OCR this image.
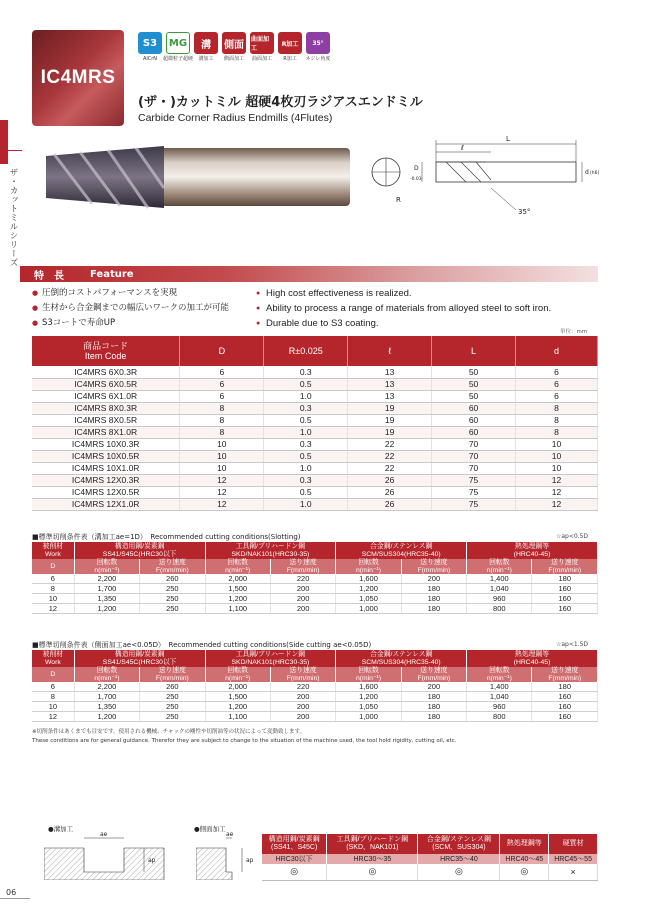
ザ・カットミルシリーズ
IC4MRS
S3
AlCrN
MG
超微粒子超硬
溝
溝加工
側面
側面加工
曲面加工
曲面加工
R加工
R加工
35°
ネジレ角度
(ザ・)カットミル 超硬4枚刃ラジアスエンドミル
Carbide Corner Radius Endmills (4Flutes)
L
ℓ
D
-0.03
d (h6)
R
35°
特　長	Feature
● 圧倒的コストパフォーマンスを実現
● 生材から合金鋼までの幅広いワークの加工が可能
● S3コートで寿命UP
● High cost effectiveness is realized.
● Ability to process a range of materials from alloyed steel to soft iron.
● Durable due to S3 coating.
単位：mm
商品コード
Item Code	D	R±0.025	ℓ	L	d
IC4MRS 6X0.3R	6	0.3	13	50	6
IC4MRS 6X0.5R	6	0.5	13	50	6
IC4MRS 6X1.0R	6	1.0	13	50	6
IC4MRS 8X0.3R	8	0.3	19	60	8
IC4MRS 8X0.5R	8	0.5	19	60	8
IC4MRS 8X1.0R	8	1.0	19	60	8
IC4MRS 10X0.3R	10	0.3	22	70	10
IC4MRS 10X0.5R	10	0.5	22	70	10
IC4MRS 10X1.0R	10	1.0	22	70	10
IC4MRS 12X0.3R	12	0.3	26	75	12
IC4MRS 12X0.5R	12	0.5	26	75	12
IC4MRS 12X1.0R	12	1.0	26	75	12
■標準切削条件表（溝加工ae=1D）　Recommended cutting conditions(Slotting)	☆ap<0.5D
被削材
Work	構造用鋼/炭素鋼
SS41/S45C(HRC30以下		工具鋼/プリハードン鋼
SKD/NAK101(HRC30-35)		合金鋼/ステンレス鋼
SCM/SUS304(HRC35-40)		熱処理鋼等
(HRC40-45)	
D	回転数
n(min⁻¹)	送り速度
F(mm/min)	回転数
n(min⁻¹)	送り速度
F(mm/min)	回転数
n(min⁻¹)	送り速度
F(mm/min)	回転数
n(min⁻¹)	送り速度
F(mm/min)
6	2,200	260	2,000	220	1,600	200	1,400	180
8	1,700	250	1,500	200	1,200	180	1,040	160
10	1,350	250	1,200	200	1,050	180	960	160
12	1,200	250	1,100	200	1,000	180	800	160
■標準切削条件表（側面加工ae<0.05D）　Recommended cutting conditions(Side cutting ae<0.05D)	☆ap<1.5D
被削材
Work	構造用鋼/炭素鋼
SS41/S45C(HRC30以下		工具鋼/プリハードン鋼
SKD/NAK101(HRC30-35)		合金鋼/ステンレス鋼
SCM/SUS304(HRC35-40)		熱処理鋼等
(HRC40-45)	
D	回転数
n(min⁻¹)	送り速度
F(mm/min)	回転数
n(min⁻¹)	送り速度
F(mm/min)	回転数
n(min⁻¹)	送り速度
F(mm/min)	回転数
n(min⁻¹)	送り速度
F(mm/min)
6	2,200	260	2,000	220	1,600	200	1,400	180
8	1,700	250	1,500	200	1,200	180	1,040	160
10	1,350	250	1,200	200	1,050	180	960	160
12	1,200	250	1,100	200	1,000	180	800	160
※切削条件はあくまでも目安です。使用される機械、チャックの剛性や切削油等の状況によって変動致します。
These conditions are for general guidance. Therefor they are subject to change to the situation of the machine used, the tool hold rigidity, cutting oil, etc.
●溝加工
ae
ap
●側面加工
ae
ap
構造用鋼/炭素鋼
(SS41、S45C)	工具鋼/プリハードン鋼
(SKD、NAK101)	合金鋼/ステンレス鋼
(SCM、SUS304)	熱処理鋼等	硬質材
HRC30以下	HRC30～35	HRC35～40	HRC40～45	HRC45～55
◎	◎	◎	◎	×
06
